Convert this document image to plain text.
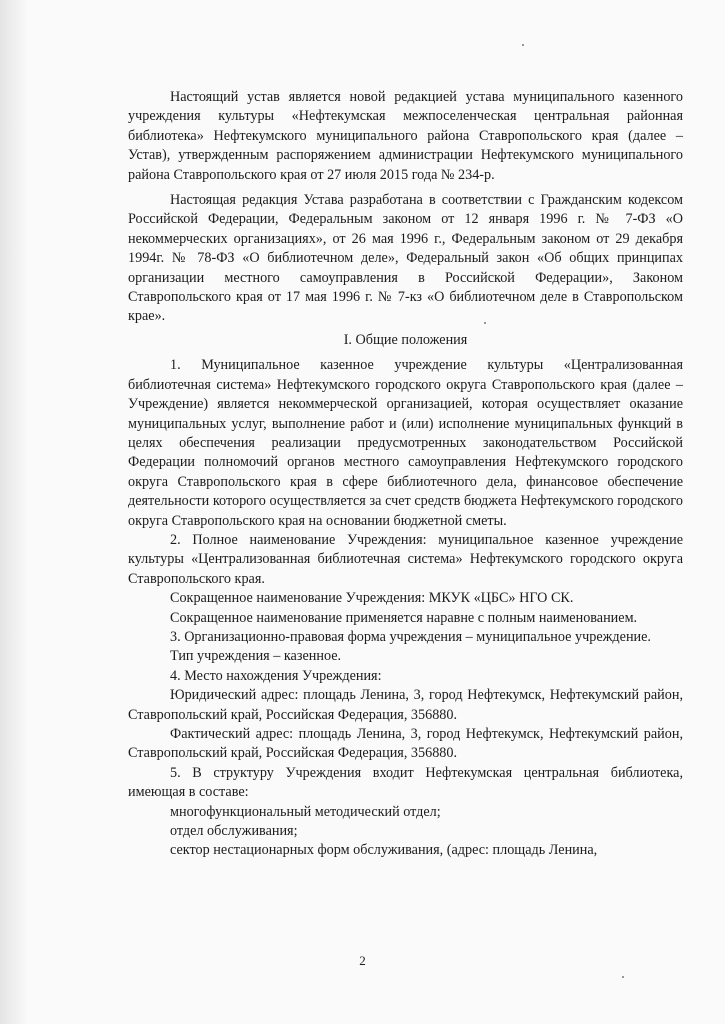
Настоящий устав является новой редакцией устава муниципального казенного учреждения культуры «Нефтекумская межпоселенческая центральная районная библиотека» Нефтекумского муниципального района Ставропольского края (далее – Устав), утвержденным распоряжением администрации Нефтекумского муниципального района Ставропольского края от 27 июля 2015 года № 234-р.

Настоящая редакция Устава разработана в соответствии с Гражданским кодексом Российской Федерации, Федеральным законом от 12 января 1996 г. № 7-ФЗ «О некоммерческих организациях», от 26 мая 1996 г., Федеральным законом от 29 декабря 1994г. № 78-ФЗ «О библиотечном деле», Федеральный закон «Об общих принципах организации местного самоуправления в Российской Федерации», Законом Ставропольского края от 17 мая 1996 г. № 7-кз «О библиотечном деле в Ставропольском крае».

I. Общие положения

1. Муниципальное казенное учреждение культуры «Централизованная библиотечная система» Нефтекумского городского округа Ставропольского края (далее – Учреждение) является некоммерческой организацией, которая осуществляет оказание муниципальных услуг, выполнение работ и (или) исполнение муниципальных функций в целях обеспечения реализации предусмотренных законодательством Российской Федерации полномочий органов местного самоуправления Нефтекумского городского округа Ставропольского края в сфере библиотечного дела, финансовое обеспечение деятельности которого осуществляется за счет средств бюджета Нефтекумского городского округа Ставропольского края на основании бюджетной сметы.

2. Полное наименование Учреждения: муниципальное казенное учреждение культуры «Централизованная библиотечная система» Нефтекумского городского округа Ставропольского края.

Сокращенное наименование Учреждения: МКУК «ЦБС» НГО СК.

Сокращенное наименование применяется наравне с полным наименованием.

3. Организационно-правовая форма учреждения – муниципальное учреждение.

Тип учреждения – казенное.

4. Место нахождения Учреждения:

Юридический адрес: площадь Ленина, 3, город Нефтекумск, Нефтекумский район, Ставропольский край, Российская Федерация, 356880.

Фактический адрес: площадь Ленина, 3, город Нефтекумск, Нефтекумский район, Ставропольский край, Российская Федерация, 356880.

5. В структуру Учреждения входит Нефтекумская центральная библиотека, имеющая в составе:

многофункциональный методический отдел;

отдел обслуживания;

сектор нестационарных форм обслуживания, (адрес: площадь Ленина,

2
